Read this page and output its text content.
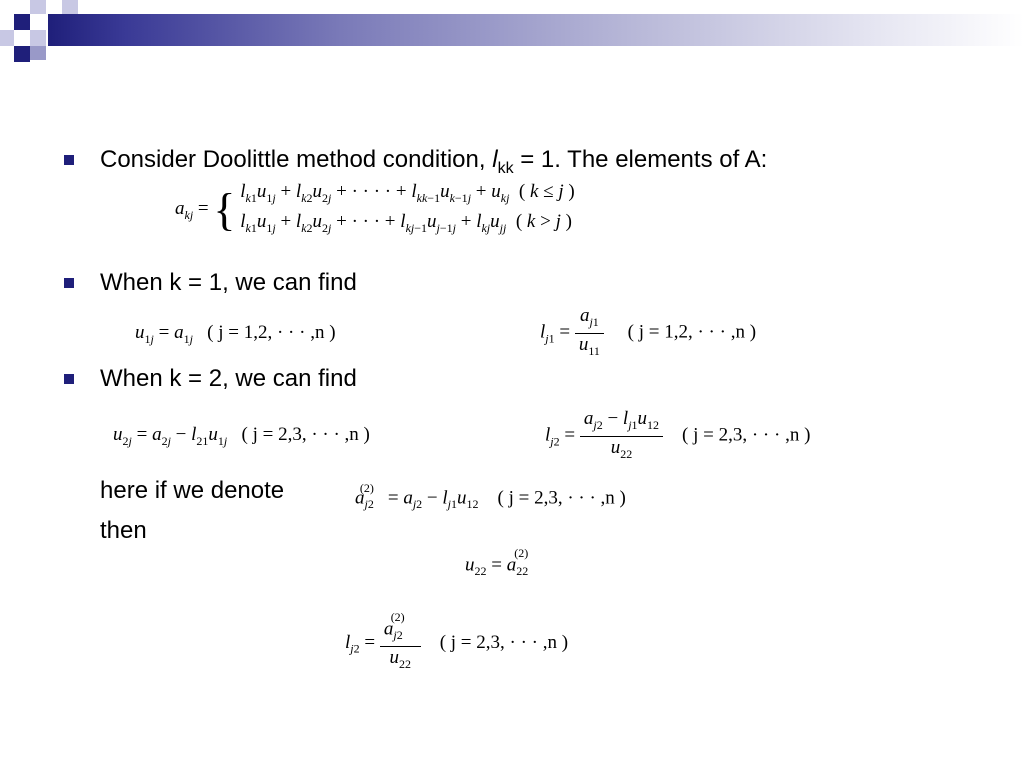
Consider Doolittle method condition, $l_{kk} = 1$. The elements of A:
$a_{kj}$ = { $l_{k1}u_{1j} + l_{k2}u_{2j}$ + · · · · + $l_{kk-1}u_{k-1j} + u_{kj}$  ( k ≤ j )
$l_{k1}u_{1j} + l_{k2}u_{2j}$ + · · · + $l_{kj-1}u_{j-1j} + l_{kj}u_{jj}$  ( k > j )
When k = 1, we can find
$u_{1j} = a_{1j}$ ( j = 1,2, · · · ,n )	$l_{j1} = \frac{a_{j1}}{u_{11}}$ ( j = 1,2, · · · ,n )
When k = 2, we can find
$u_{2j} = a_{2j} - l_{21}u_{1j}$ ( j = 2,3, · · · ,n )	$l_{j2} = \frac{a_{j2} - l_{j1}u_{12}}{u_{22}}$ ( j = 2,3, · · · ,n )
here if we denote	$a_{j2}^{(2)} = a_{j2} - l_{j1}u_{12}$ ( j = 2,3, · · · ,n )
then
$u_{22} = a_{22}^{(2)}$
$l_{j2} = \frac{a_{j2}^{(2)}}{u_{22}}$ ( j = 2,3, · · · ,n )
